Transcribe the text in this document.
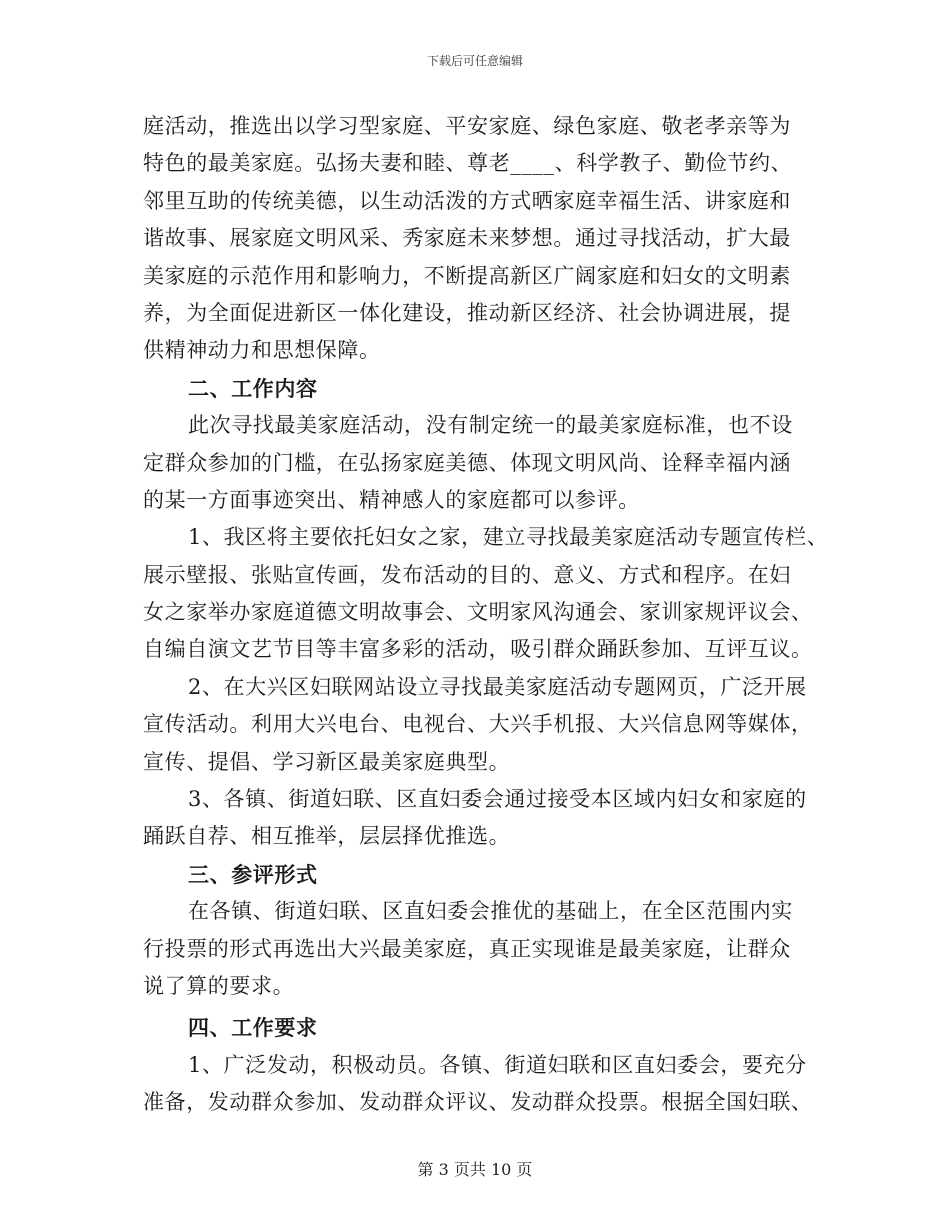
下载后可任意编辑
庭活动，推选出以学习型家庭、平安家庭、绿色家庭、敬老孝亲等为
特色的最美家庭。弘扬夫妻和睦、尊老____、科学教子、勤俭节约、
邻里互助的传统美德，以生动活泼的方式晒家庭幸福生活、讲家庭和
谐故事、展家庭文明风采、秀家庭未来梦想。通过寻找活动，扩大最
美家庭的示范作用和影响力，不断提高新区广阔家庭和妇女的文明素
养，为全面促进新区一体化建设，推动新区经济、社会协调进展，提
供精神动力和思想保障。
二、工作内容
此次寻找最美家庭活动，没有制定统一的最美家庭标准，也不设
定群众参加的门槛，在弘扬家庭美德、体现文明风尚、诠释幸福内涵
的某一方面事迹突出、精神感人的家庭都可以参评。
1、我区将主要依托妇女之家，建立寻找最美家庭活动专题宣传栏、
展示壁报、张贴宣传画，发布活动的目的、意义、方式和程序。在妇
女之家举办家庭道德文明故事会、文明家风沟通会、家训家规评议会、
自编自演文艺节目等丰富多彩的活动，吸引群众踊跃参加、互评互议。
2、在大兴区妇联网站设立寻找最美家庭活动专题网页，广泛开展
宣传活动。利用大兴电台、电视台、大兴手机报、大兴信息网等媒体，
宣传、提倡、学习新区最美家庭典型。
3、各镇、街道妇联、区直妇委会通过接受本区域内妇女和家庭的
踊跃自荐、相互推举，层层择优推选。
三、参评形式
在各镇、街道妇联、区直妇委会推优的基础上，在全区范围内实
行投票的形式再选出大兴最美家庭，真正实现谁是最美家庭，让群众
说了算的要求。
四、工作要求
1、广泛发动，积极动员。各镇、街道妇联和区直妇委会，要充分
准备，发动群众参加、发动群众评议、发动群众投票。根据全国妇联、
第 3 页共 10 页
